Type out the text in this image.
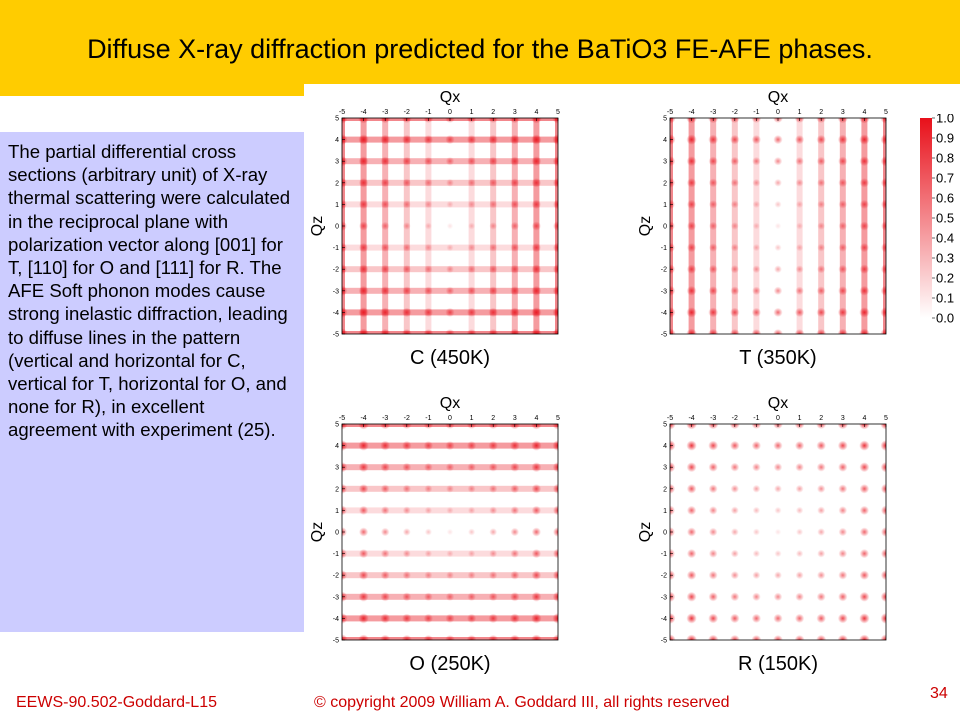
Diffuse X-ray diffraction predicted for the BaTiO3 FE-AFE phases.
The partial differential cross sections (arbitrary unit) of X-ray thermal scattering were calculated in the reciprocal plane with polarization vector along [001] for T, [110] for O and [111] for R. The AFE Soft phonon modes cause strong inelastic diffraction, leading to diffuse lines in the pattern (vertical and horizontal for C, vertical for T, horizontal for O, and none for R), in excellent agreement with experiment (25).
-5 -4 -3 -2 -1 0	1	2	3	4	5
-5
-4
-3
-2
-1
0
1
2
3
4
5
Qx
Qz
C (450K)
-5 -4 -3 -2 -1 0	1	2	3	4	5
-5
-4
-3
-2
-1
0
1
2
3
4
5
Qx
Qz
T (350K)
-5 -4 -3 -2 -1 0	1	2	3	4	5
-5
-4
-3
-2
-1
0
1
2
3
4
5
Qx
Qz
O (250K)
-5 -4 -3 -2 -1 0	1	2	3	4	5
-5
-4
-3
-2
-1
0
1
2
3
4
5
Qx
Qz
R (150K)
1.0
0.9
0.8
0.7
0.6
0.5
0.4
0.3
0.2
0.1
0.0
EEWS-90.502-Goddard-L15	© copyright 2009 William A. Goddard III, all rights reserved
34
